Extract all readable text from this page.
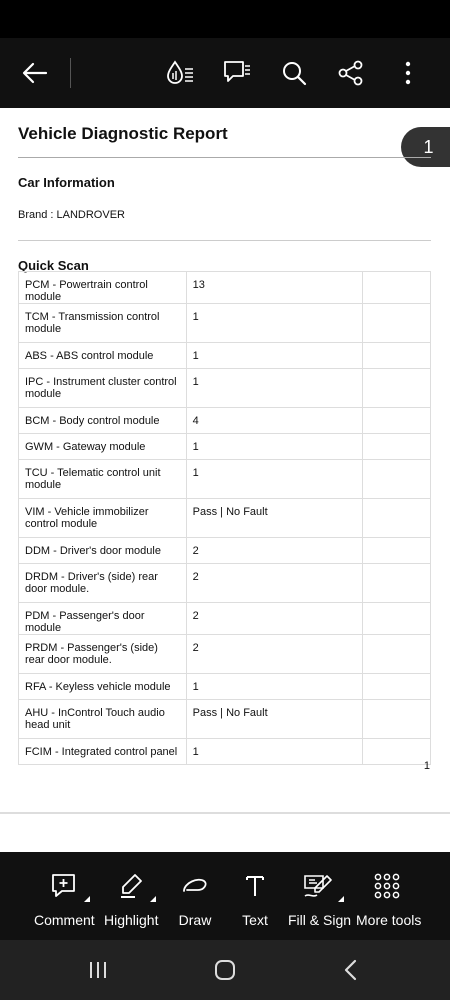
Vehicle Diagnostic Report
1
Car Information
Brand : LANDROVER
Quick Scan
PCM - Powertrain control module	13	
TCM - Transmission control module	1	
ABS - ABS control module	1	
IPC - Instrument cluster control module	1	
BCM - Body control module	4	
GWM - Gateway module	1	
TCU - Telematic control unit module	1	
VIM - Vehicle immobilizer control module	Pass | No Fault	
DDM - Driver's door module	2	
DRDM - Driver's (side) rear door module.	2	
PDM - Passenger's door module	2	
PRDM - Passenger's (side) rear door module.	2	
RFA - Keyless vehicle module	1	
AHU - InControl Touch audio head unit	Pass | No Fault	
FCIM - Integrated control panel	1	
1
Comment Highlight	Draw	Text	Fill & Sign More tools
